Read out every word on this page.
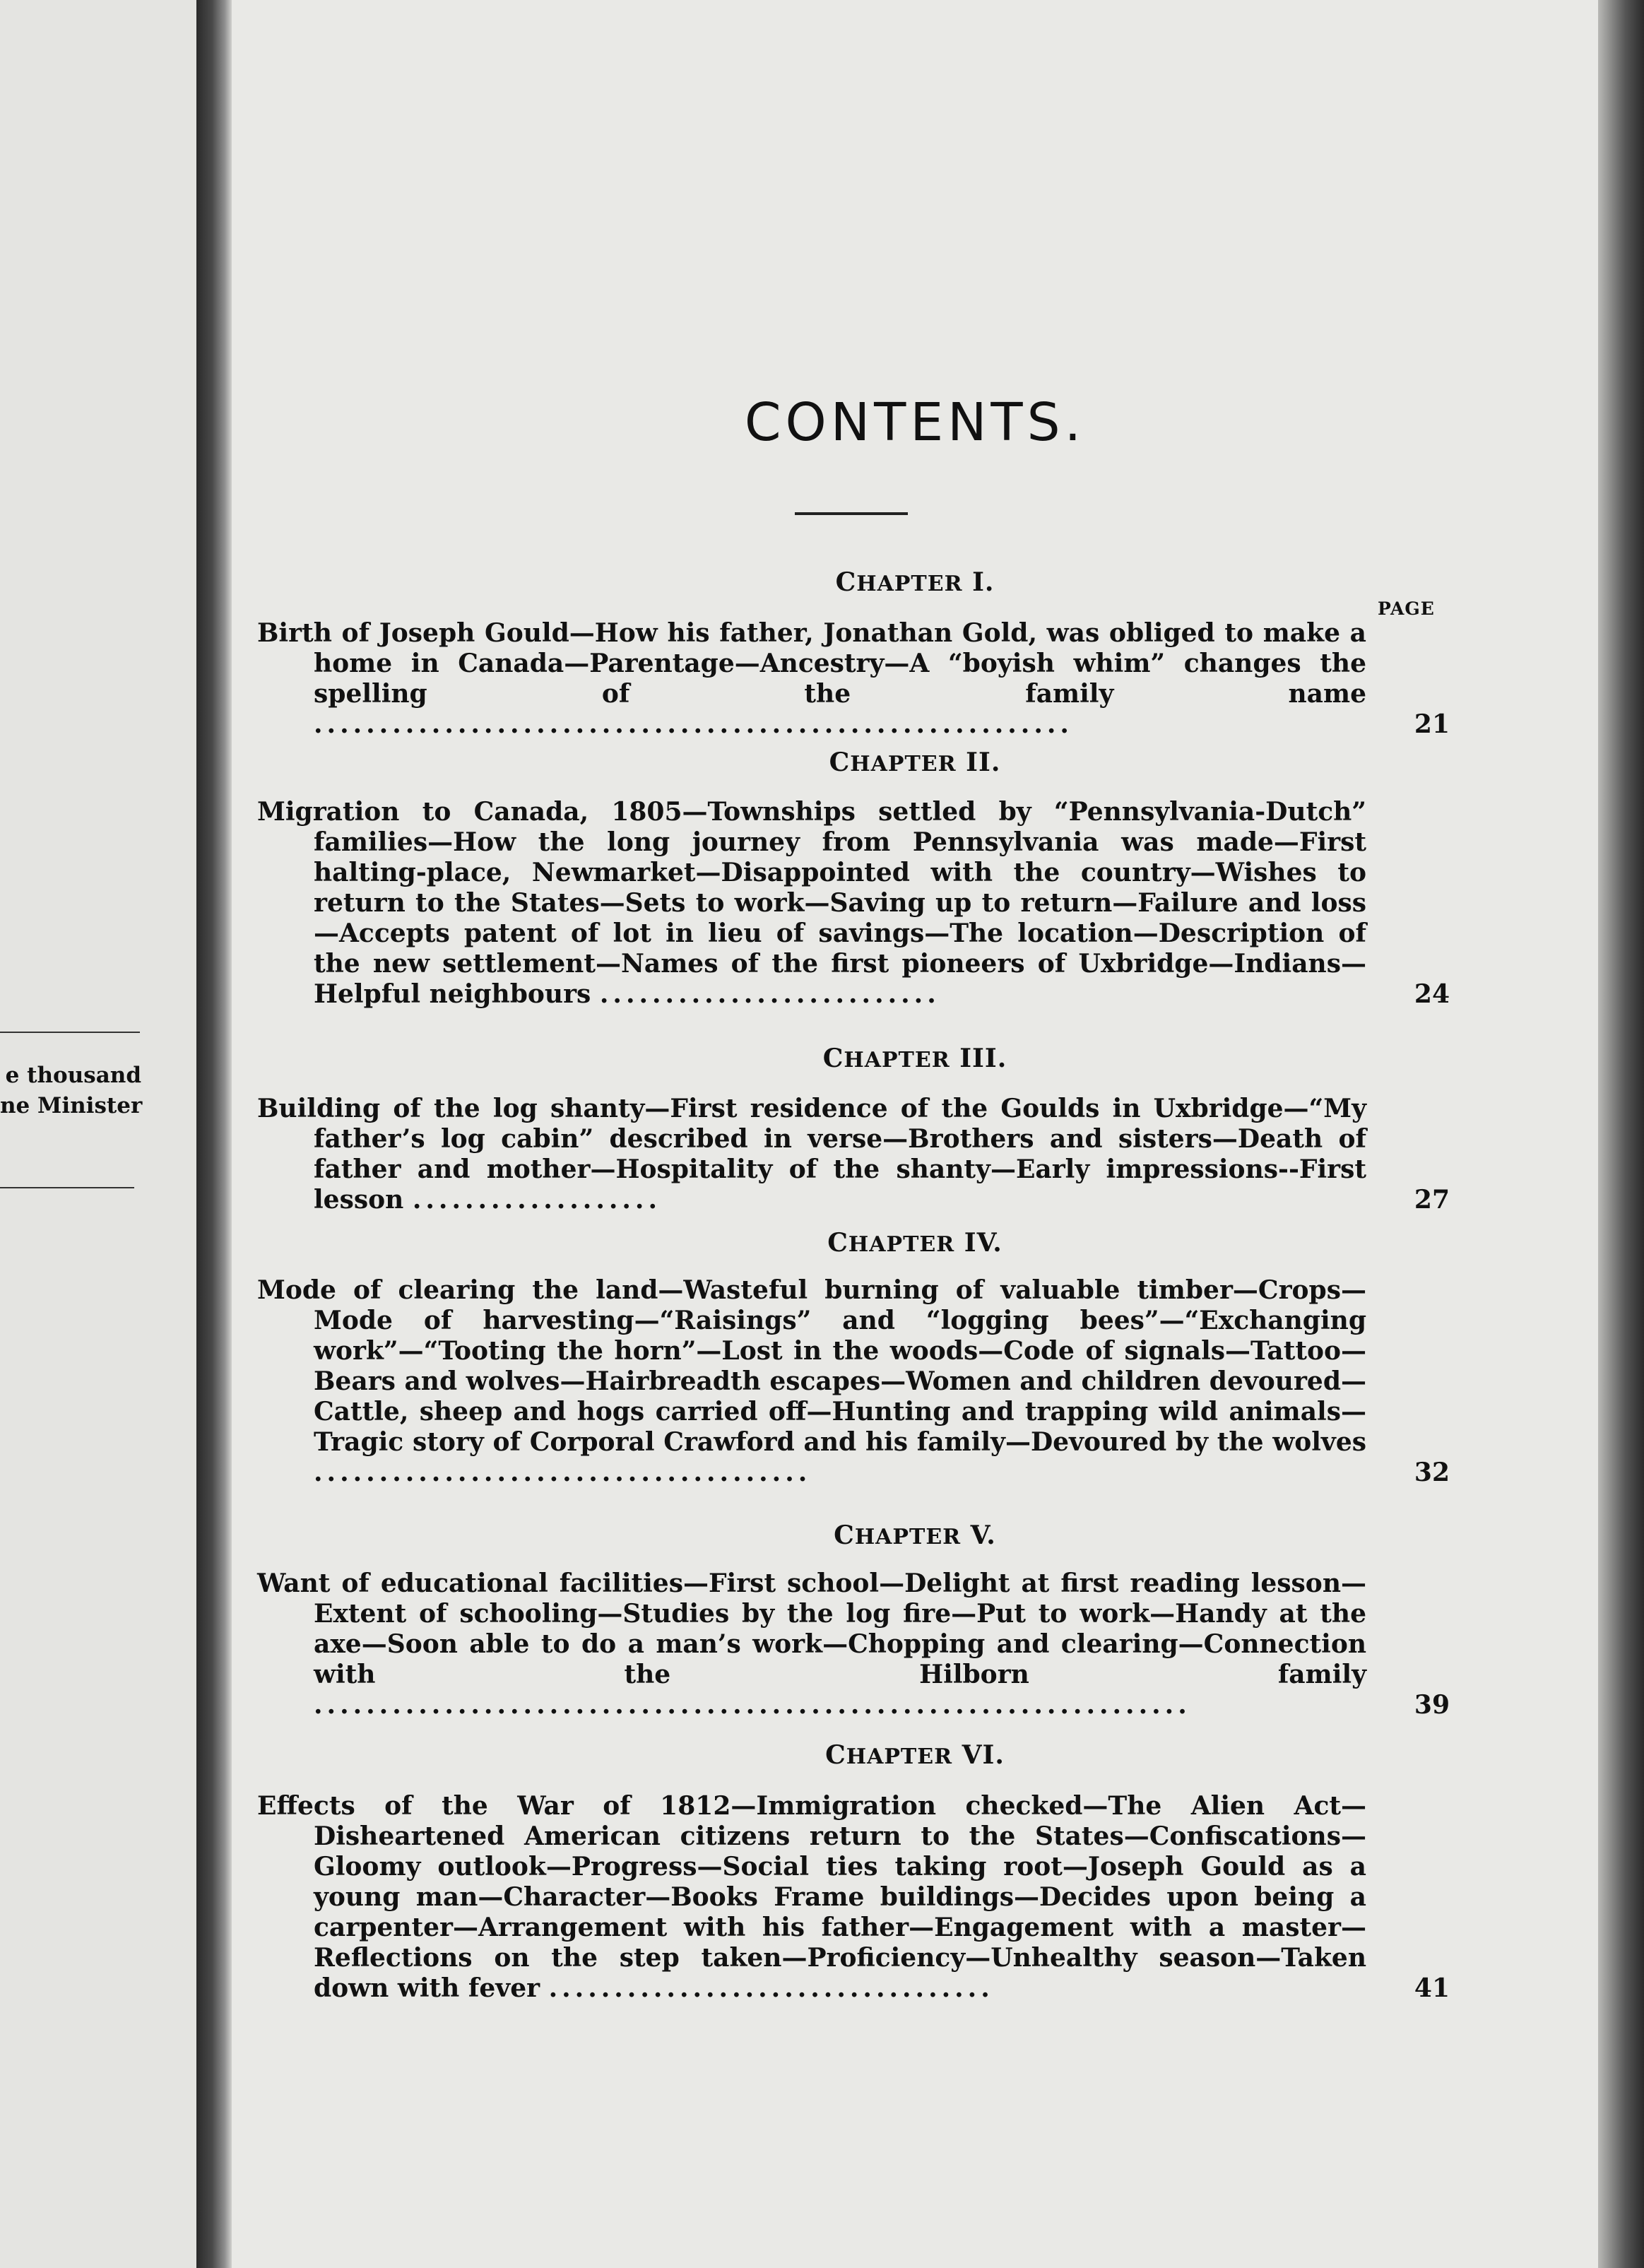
e thousand
ne Minister
CONTENTS.
PAGE
CHAPTER I.
Birth of Joseph Gould—How his father, Jonathan Gold, was obliged to make a home in Canada—Parentage—Ancestry—A “boyish whim” changes the spelling of the family name ..........................................................	21
CHAPTER II.
Migration to Canada, 1805—Townships settled by “Pennsylvania-Dutch” families—How the long journey from Pennsylvania was made—First halting-place, Newmarket—Disappointed with the country—Wishes to return to the States—Sets to work—Saving up to return—Failure and loss—Accepts patent of lot in lieu of savings—The location—Description of the new settlement—Names of the first pioneers of Uxbridge—Indians—Helpful neighbours ..........................	24
CHAPTER III.
Building of the log shanty—First residence of the Goulds in Uxbridge—“My father’s log cabin” described in verse—Brothers and sisters—Death of father and mother—Hospitality of the shanty—Early impressions--First lesson ...................	27
CHAPTER IV.
Mode of clearing the land—Wasteful burning of valuable timber—Crops—Mode of harvesting—“Raisings” and “logging bees”—“Exchanging work”—“Tooting the horn”—Lost in the woods—Code of signals—Tattoo—Bears and wolves—Hairbreadth escapes—Women and children devoured—Cattle, sheep and hogs carried off—Hunting and trapping wild animals—Tragic story of Corporal Crawford and his family—Devoured by the wolves ......................................	32
CHAPTER V.
Want of educational facilities—First school—Delight at first reading lesson—Extent of schooling—Studies by the log fire—Put to work—Handy at the axe—Soon able to do a man’s work—Chopping and clearing—Connection with the Hilborn family ...................................................................	39
CHAPTER VI.
Effects of the War of 1812—Immigration checked—The Alien Act—Disheartened American citizens return to the States—Confiscations—Gloomy outlook—Progress—Social ties taking root—Joseph Gould as a young man—Character—Books Frame buildings—Decides upon being a carpenter—Arrangement with his father—Engagement with a master—Reflections on the step taken—Proficiency—Unhealthy season—Taken down with fever ..................................	41
